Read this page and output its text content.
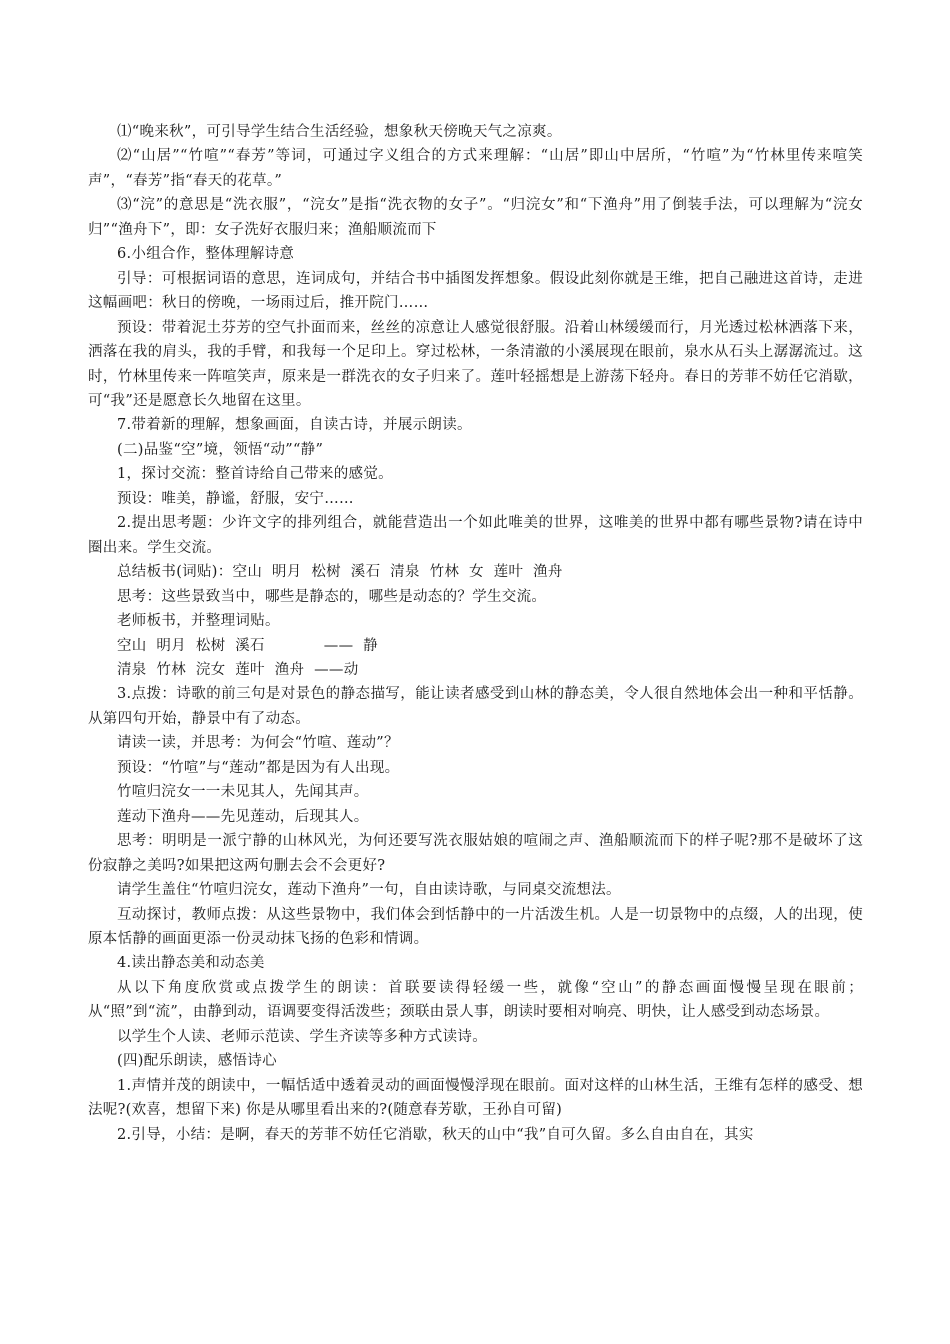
⑴“晚来秋”，可引导学生结合生活经验，想象秋天傍晚天气之凉爽。

⑵“山居”“竹喧”“春芳”等词，可通过字义组合的方式来理解：“山居”即山中居所，“竹喧”为“竹林里传来喧笑声”，“春芳”指“春天的花草。”

⑶“浣”的意思是“洗衣服”，“浣女”是指“洗衣物的女子”。“归浣女”和“下渔舟”用了倒装手法，可以理解为“浣女归”“渔舟下”，即：女子洗好衣服归来；渔船顺流而下

6.小组合作，整体理解诗意

引导：可根据词语的意思，连词成句，并结合书中插图发挥想象。假设此刻你就是王维，把自己融进这首诗，走进这幅画吧：秋日的傍晚，一场雨过后，推开院门……

预设：带着泥土芬芳的空气扑面而来，丝丝的凉意让人感觉很舒服。沿着山林缓缓而行，月光透过松林洒落下来，洒落在我的肩头，我的手臂，和我每一个足印上。穿过松林，一条清澈的小溪展现在眼前，泉水从石头上潺潺流过。这时，竹林里传来一阵喧笑声，原来是一群洗衣的女子归来了。莲叶轻摇想是上游荡下轻舟。春日的芳菲不妨任它消歇，可“我”还是愿意长久地留在这里。

7.带着新的理解，想象画面，自读古诗，并展示朗读。

(二)品鉴“空”境，领悟“动”“静”

1，探讨交流：整首诗给自己带来的感觉。

预设：唯美，静谧，舒服，安宁……

2.提出思考题：少许文字的排列组合，就能营造出一个如此唯美的世界，这唯美的世界中都有哪些景物?请在诗中圈出来。学生交流。

总结板书(词贴)：空山  明月  松树  溪石  清泉  竹林  女  莲叶  渔舟

思考：这些景致当中，哪些是静态的，哪些是动态的？学生交流。

老师板书，并整理词贴。

空山  明月  松树  溪石            ——  静

清泉  竹林  浣女  莲叶  渔舟  ——动

3.点拨：诗歌的前三句是对景色的静态描写，能让读者感受到山林的静态美，令人很自然地体会出一种和平恬静。从第四句开始，静景中有了动态。

请读一读，并思考：为何会“竹喧、莲动”？

预设：“竹喧”与“莲动”都是因为有人出现。

竹喧归浣女一一未见其人，先闻其声。

莲动下渔舟——先见莲动，后现其人。

思考：明明是一派宁静的山林风光，为何还要写洗衣服姑娘的喧闹之声、渔船顺流而下的样子呢?那不是破坏了这份寂静之美吗?如果把这两句删去会不会更好?

请学生盖住“竹喧归浣女，莲动下渔舟”一句，自由读诗歌，与同桌交流想法。

互动探讨，教师点拨：从这些景物中，我们体会到恬静中的一片活泼生机。人是一切景物中的点缀，人的出现，使原本恬静的画面更添一份灵动抹飞扬的色彩和情调。

4.读出静态美和动态美

从以下角度欣赏或点拨学生的朗读：首联要读得轻缓一些，就像“空山”的静态画面慢慢呈现在眼前；从“照”到“流”，由静到动，语调要变得活泼些；颈联由景人事，朗读时要相对响亮、明快，让人感受到动态场景。

以学生个人读、老师示范读、学生齐读等多种方式读诗。

(四)配乐朗读，感悟诗心

1.声情并茂的朗读中，一幅恬适中透着灵动的画面慢慢浮现在眼前。面对这样的山林生活，王维有怎样的感受、想法呢?(欢喜，想留下来) 你是从哪里看出来的?(随意春芳歇，王孙自可留)

2.引导，小结：是啊，春天的芳菲不妨任它消歇，秋天的山中“我”自可久留。多么自由自在，其实
